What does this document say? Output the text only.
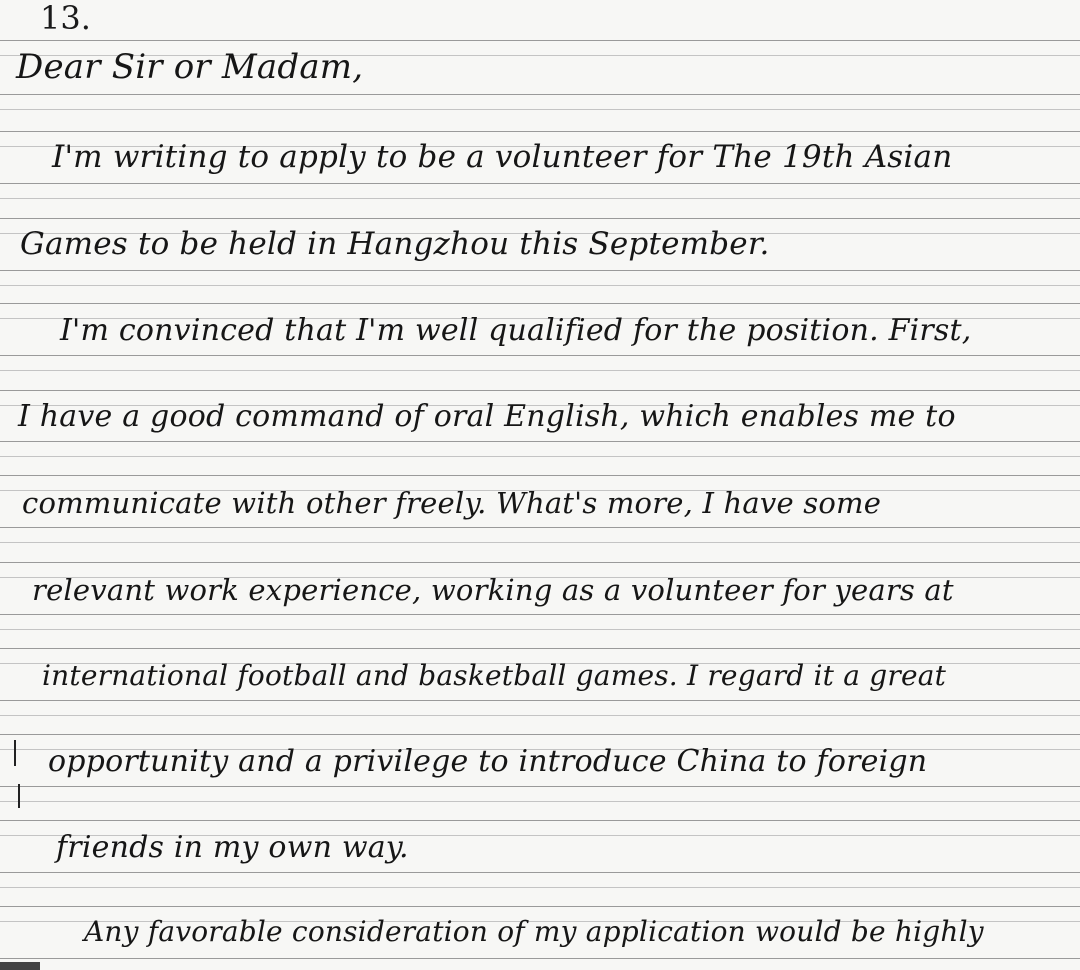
13.
Dear Sir or Madam,
I'm writing to apply to be a volunteer for The 19th Asian
Games to be held in Hangzhou this September.
I'm convinced that I'm well qualified for the position. First,
I have a good command of oral English, which enables me to
communicate with other freely. What's more, I have some
relevant work experience, working as a volunteer for years at
international football and basketball games. I regard it a great
opportunity and a privilege to introduce China to foreign
friends in my own way.
Any favorable consideration of my application would be highly
